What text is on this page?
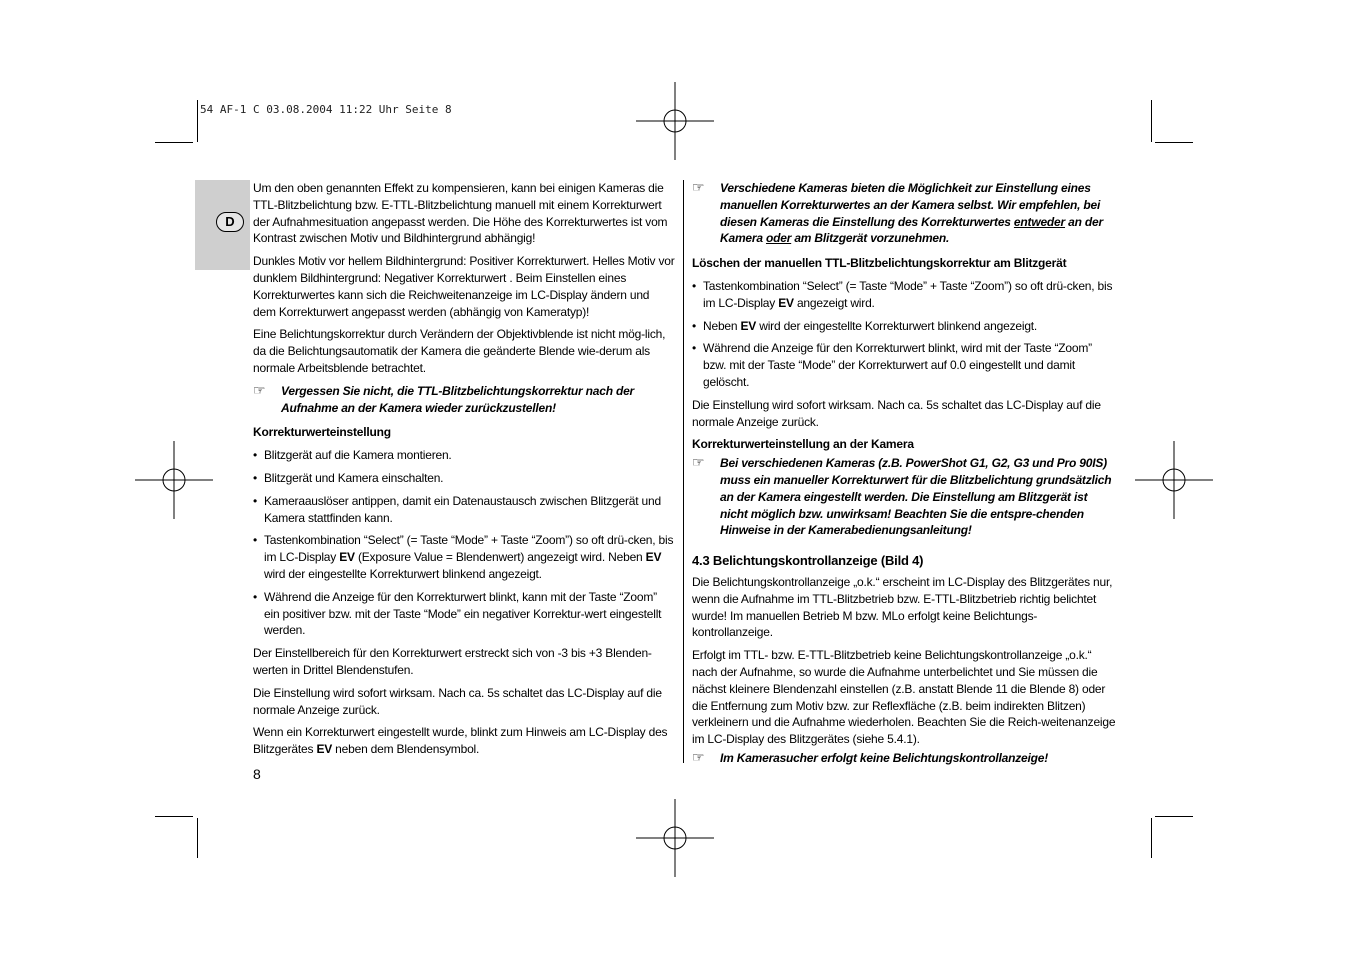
54 AF-1 C 03.08.2004 11:22 Uhr Seite 8
D

Um den oben genannten Effekt zu kompensieren, kann bei einigen Kameras die TTL-Blitzbelichtung bzw. E-TTL-Blitzbelichtung manuell mit einem Korrekturwert der Aufnahmesituation angepasst werden. Die Höhe des Korrekturwertes ist vom Kontrast zwischen Motiv und Bildhintergrund abhängig!

Dunkles Motiv vor hellem Bildhintergrund: Positiver Korrekturwert. Helles Motiv vor dunklem Bildhintergrund: Negativer Korrekturwert . Beim Einstellen eines Korrekturwertes kann sich die Reichweitenanzeige im LC-Display ändern und dem Korrekturwert angepasst werden (abhängig von Kameratyp)!

Eine Belichtungskorrektur durch Verändern der Objektivblende ist nicht mög-lich, da die Belichtungsautomatik der Kamera die geänderte Blende wie-derum als normale Arbeitsblende betrachtet.

☞ Vergessen Sie nicht, die TTL-Blitzbelichtungskorrektur nach der Aufnahme an der Kamera wieder zurückzustellen!
Korrekturwerteinstellung
• Blitzgerät auf die Kamera montieren.
• Blitzgerät und Kamera einschalten.
• Kameraauslöser antippen, damit ein Datenaustausch zwischen Blitzgerät und Kamera stattfinden kann.
• Tastenkombination “Select” (= Taste “Mode” + Taste “Zoom”) so oft drü-cken, bis im LC-Display EV (Exposure Value = Blendenwert) angezeigt wird. Neben EV wird der eingestellte Korrekturwert blinkend angezeigt.
• Während die Anzeige für den Korrekturwert blinkt, kann mit der Taste “Zoom” ein positiver bzw. mit der Taste “Mode” ein negativer Korrektur-wert eingestellt werden.

Der Einstellbereich für den Korrekturwert erstreckt sich von -3 bis +3 Blenden-werten in Drittel Blendenstufen.

Die Einstellung wird sofort wirksam. Nach ca. 5s schaltet das LC-Display auf die normale Anzeige zurück.

Wenn ein Korrekturwert eingestellt wurde, blinkt zum Hinweis am LC-Display des Blitzgerätes EV neben dem Blendensymbol.

☞ Verschiedene Kameras bieten die Möglichkeit zur Einstellung eines manuellen Korrekturwertes an der Kamera selbst. Wir empfehlen, bei diesen Kameras die Einstellung des Korrekturwertes entweder an der Kamera oder am Blitzgerät vorzunehmen.
Löschen der manuellen TTL-Blitzbelichtungskorrektur am Blitzgerät
• Tastenkombination “Select” (= Taste “Mode” + Taste “Zoom”) so oft drü-cken, bis im LC-Display EV angezeigt wird.
• Neben EV wird der eingestellte Korrekturwert blinkend angezeigt.
• Während die Anzeige für den Korrekturwert blinkt, wird mit der Taste “Zoom” bzw. mit der Taste “Mode” der Korrekturwert auf 0.0 eingestellt und damit gelöscht.

Die Einstellung wird sofort wirksam. Nach ca. 5s schaltet das LC-Display auf die normale Anzeige zurück.

Korrekturwerteinstellung an der Kamera
☞ Bei verschiedenen Kameras (z.B. PowerShot G1, G2, G3 und Pro 90IS) muss ein manueller Korrekturwert für die Blitzbelichtung grundsätzlich an der Kamera eingestellt werden. Die Einstellung am Blitzgerät ist nicht möglich bzw. unwirksam! Beachten Sie die entspre-chenden Hinweise in der Kamerabedienungsanleitung!
4.3 Belichtungskontrollanzeige (Bild 4)

Die Belichtungskontrollanzeige „o.k.“ erscheint im LC-Display des Blitzgerätes nur, wenn die Aufnahme im TTL-Blitzbetrieb bzw. E-TTL-Blitzbetrieb richtig belichtet wurde! Im manuellen Betrieb M bzw. MLo erfolgt keine Belichtungs-kontrollanzeige.

Erfolgt im TTL- bzw. E-TTL-Blitzbetrieb keine Belichtungskontrollanzeige „o.k.“ nach der Aufnahme, so wurde die Aufnahme unterbelichtet und Sie müssen die nächst kleinere Blendenzahl einstellen (z.B. anstatt Blende 11 die Blende 8) oder die Entfernung zum Motiv bzw. zur Reflexfläche (z.B. beim indirekten Blitzen) verkleinern und die Aufnahme wiederholen. Beachten Sie die Reich-weitenanzeige im LC-Display des Blitzgerätes (siehe 5.4.1).

☞ Im Kamerasucher erfolgt keine Belichtungskontrollanzeige!
8
